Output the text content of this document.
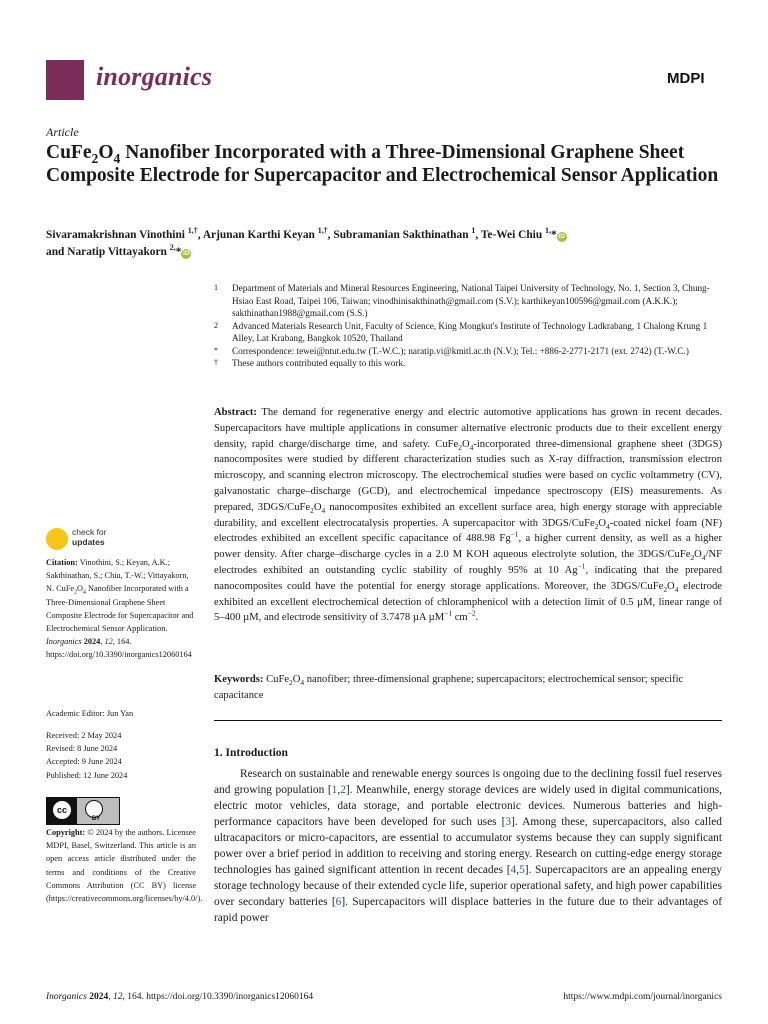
inorganics	MDPI
Article
$CuFe_2O_4$ Nanofiber Incorporated with a Three-Dimensional Graphene Sheet Composite Electrode for Supercapacitor and Electrochemical Sensor Application
Sivaramakrishnan Vinothini $^{1,\dagger}$, Arjunan Karthi Keyan $^{1,\dagger}$, Subramanian Sakthinathan $^1$, Te-Wei Chiu $^{1,}$* iD
and Naratip Vittayakorn $^{2,}$* iD
1	Department of Materials and Mineral Resources Engineering, National Taipei University of Technology, No. 1, Section 3, Chung-Hsiao East Road, Taipei 106, Taiwan; vinodhinisakthinath@gmail.com (S.V.); karthikeyan100596@gmail.com (A.K.K.); sakthinathan1988@gmail.com (S.S.)
2	Advanced Materials Research Unit, Faculty of Science, King Mongkut's Institute of Technology Ladkrabang, 1 Chalong Krung 1 Alley, Lat Krabang, Bangkok 10520, Thailand
*	Correspondence: tewei@ntut.edu.tw (T.-W.C.); naratip.vi@kmitl.ac.th (N.V.); Tel.: +886-2-2771-2171 (ext. 2742) (T.-W.C.)
†	These authors contributed equally to this work.
Abstract: The demand for regenerative energy and electric automotive applications has grown in recent decades. Supercapacitors have multiple applications in consumer alternative electronic products due to their excellent energy density, rapid charge/discharge time, and safety. $CuFe_2O_4$-incorporated three-dimensional graphene sheet (3DGS) nanocomposites were studied by different characterization studies such as X-ray diffraction, transmission electron microscopy, and scanning electron microscopy. The electrochemical studies were based on cyclic voltammetry (CV), galvanostatic charge–discharge (GCD), and electrochemical impedance spectroscopy (EIS) measurements. As prepared, $3DGS/CuFe_2O_4$ nanocomposites exhibited an excellent surface area, high energy storage with appreciable durability, and excellent electrocatalysis properties. A supercapacitor with $3DGS/CuFe_2O_4$-coated nickel foam (NF) electrodes exhibited an excellent specific capacitance of 488.98 $Fg^{-1}$, a higher current density, as well as a higher power density. After charge–discharge cycles in a 2.0 M KOH aqueous electrolyte solution, the $3DGS/CuFe_2O_4/NF$ electrodes exhibited an outstanding cyclic stability of roughly 95% at 10 $Ag^{-1}$, indicating that the prepared nanocomposites could have the potential for energy storage applications. Moreover, the $3DGS/CuFe_2O_4$ electrode exhibited an excellent electrochemical detection of chloramphenicol with a detection limit of 0.5 µM, linear range of 5–400 µM, and electrode sensitivity of 3.7478 µA µM$^{-1}$ $cm^{-2}$.
Keywords: $CuFe_2O_4$ nanofiber; three-dimensional graphene; supercapacitors; electrochemical sensor; specific capacitance
1. Introduction

Research on sustainable and renewable energy sources is ongoing due to the declining fossil fuel reserves and growing population [1,2]. Meanwhile, energy storage devices are widely used in digital communications, electric motor vehicles, data storage, and portable electronic devices. Numerous batteries and high-performance capacitors have been developed for such uses [3]. Among these, supercapacitors, also called ultracapacitors or micro-capacitors, are essential to accumulator systems because they can supply significant power over a brief period in addition to receiving and storing energy. Research on cutting-edge energy storage technologies has gained significant attention in recent decades [4,5]. Supercapacitors are an appealing energy storage technology because of their extended cycle life, superior operational safety, and high power capabilities over secondary batteries [6]. Supercapacitors will displace batteries in the future due to their advantages of rapid power

check for
updates
Citation: Vinothini, S.; Keyan, A.K.; Sakthinathan, S.; Chiu, T.-W.; Vittayakorn, N. $CuFe_2O_4$ Nanofiber Incorporated with a Three-Dimensional Graphene Sheet Composite Electrode for Supercapacitor and Electrochemical Sensor Application. Inorganics 2024, 12, 164. https://doi.org/10.3390/inorganics12060164
Academic Editor: Jun Yan
Received: 2 May 2024
Revised: 8 June 2024
Accepted: 9 June 2024
Published: 12 June 2024
cc
BY
Copyright: © 2024 by the authors. Licensee MDPI, Basel, Switzerland. This article is an open access article distributed under the terms and conditions of the Creative Commons Attribution (CC BY) license (https://creativecommons.org/licenses/by/4.0/).
Inorganics 2024, 12, 164. https://doi.org/10.3390/inorganics12060164	https://www.mdpi.com/journal/inorganics
